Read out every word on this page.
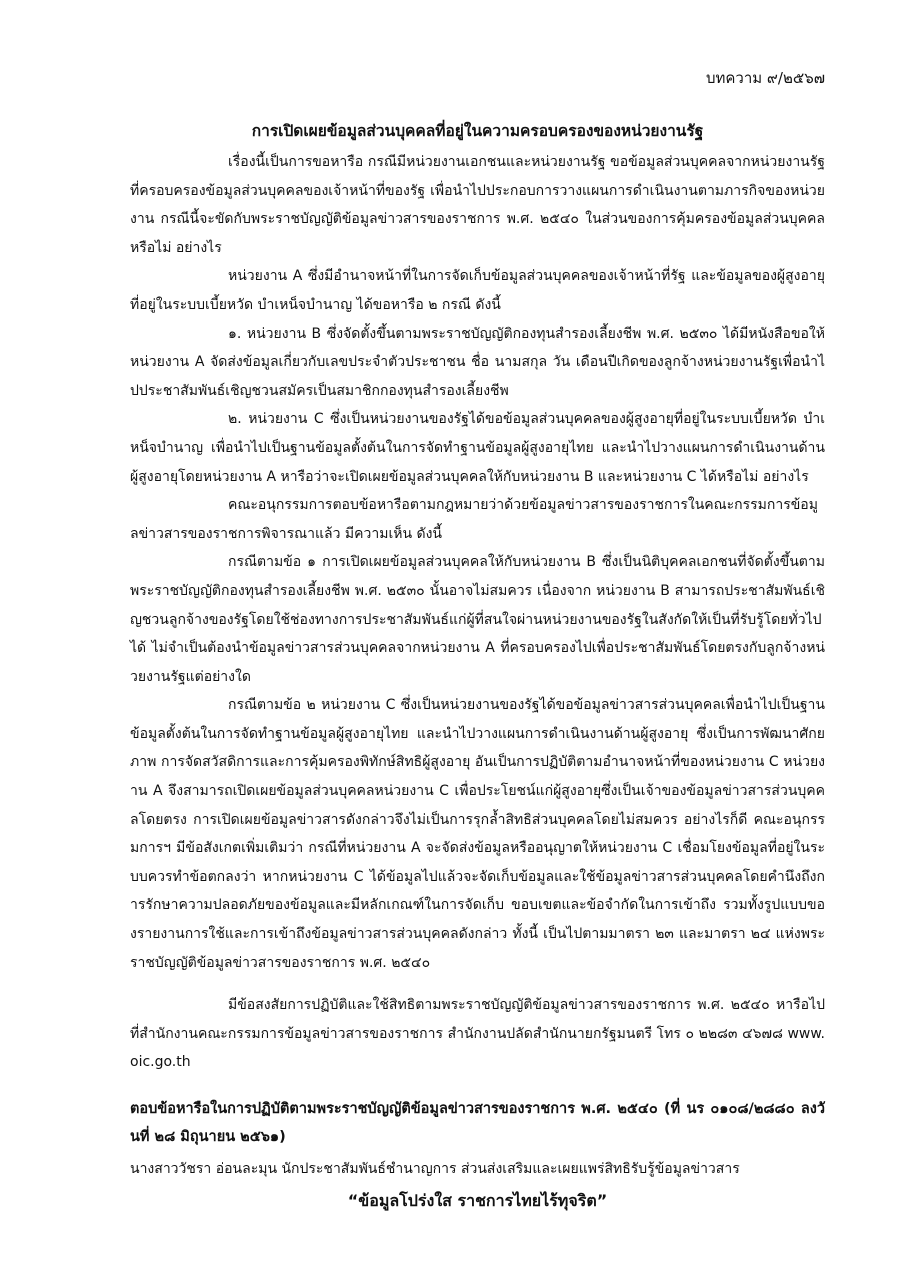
บทความ ๙/๒๕๖๗
การเปิดเผยข้อมูลส่วนบุคคลที่อยู่ในความครอบครองของหน่วยงานรัฐ

เรื่องนี้เป็นการขอหารือ กรณีมีหน่วยงานเอกชนและหน่วยงานรัฐ ขอข้อมูลส่วนบุคคลจากหน่วยงานรัฐที่ครอบครองข้อมูลส่วนบุคคลของเจ้าหน้าที่ของรัฐ เพื่อนำไปประกอบการวางแผนการดำเนินงานตามภารกิจของหน่วยงาน กรณีนี้จะขัดกับพระราชบัญญัติข้อมูลข่าวสารของราชการ พ.ศ. ๒๕๔๐ ในส่วนของการคุ้มครองข้อมูลส่วนบุคคลหรือไม่ อย่างไร

หน่วยงาน A ซึ่งมีอำนาจหน้าที่ในการจัดเก็บข้อมูลส่วนบุคคลของเจ้าหน้าที่รัฐ และข้อมูลของผู้สูงอายุที่อยู่ในระบบเบี้ยหวัด บำเหน็จบำนาญ ได้ขอหารือ ๒ กรณี ดังนี้

๑. หน่วยงาน B ซึ่งจัดตั้งขึ้นตามพระราชบัญญัติกองทุนสำรองเลี้ยงชีพ พ.ศ. ๒๕๓๐ ได้มีหนังสือขอให้หน่วยงาน A จัดส่งข้อมูลเกี่ยวกับเลขประจำตัวประชาชน ชื่อ นามสกุล วัน เดือนปีเกิดของลูกจ้างหน่วยงานรัฐเพื่อนำไปประชาสัมพันธ์เชิญชวนสมัครเป็นสมาชิกกองทุนสำรองเลี้ยงชีพ

๒. หน่วยงาน C ซึ่งเป็นหน่วยงานของรัฐได้ขอข้อมูลส่วนบุคคลของผู้สูงอายุที่อยู่ในระบบเบี้ยหวัด บำเหน็จบำนาญ เพื่อนำไปเป็นฐานข้อมูลตั้งต้นในการจัดทำฐานข้อมูลผู้สูงอายุไทย และนำไปวางแผนการดำเนินงานด้านผู้สูงอายุโดยหน่วยงาน A หารือว่าจะเปิดเผยข้อมูลส่วนบุคคลให้กับหน่วยงาน B และหน่วยงาน C ได้หรือไม่ อย่างไร

คณะอนุกรรมการตอบข้อหารือตามกฎหมายว่าด้วยข้อมูลข่าวสารของราชการในคณะกรรมการข้อมูลข่าวสารของราชการพิจารณาแล้ว มีความเห็น ดังนี้

กรณีตามข้อ ๑ การเปิดเผยข้อมูลส่วนบุคคลให้กับหน่วยงาน B ซึ่งเป็นนิติบุคคลเอกชนที่จัดตั้งขึ้นตามพระราชบัญญัติกองทุนสำรองเลี้ยงชีพ พ.ศ. ๒๕๓๐ นั้นอาจไม่สมควร เนื่องจาก หน่วยงาน B สามารถประชาสัมพันธ์เชิญชวนลูกจ้างของรัฐโดยใช้ช่องทางการประชาสัมพันธ์แก่ผู้ที่สนใจผ่านหน่วยงานของรัฐในสังกัดให้เป็นที่รับรู้โดยทั่วไปได้ ไม่จำเป็นต้องนำข้อมูลข่าวสารส่วนบุคคลจากหน่วยงาน A ที่ครอบครองไปเพื่อประชาสัมพันธ์โดยตรงกับลูกจ้างหน่วยงานรัฐแต่อย่างใด

กรณีตามข้อ ๒ หน่วยงาน C ซึ่งเป็นหน่วยงานของรัฐได้ขอข้อมูลข่าวสารส่วนบุคคลเพื่อนำไปเป็นฐานข้อมูลตั้งต้นในการจัดทำฐานข้อมูลผู้สูงอายุไทย และนำไปวางแผนการดำเนินงานด้านผู้สูงอายุ ซึ่งเป็นการพัฒนาศักยภาพ การจัดสวัสดิการและการคุ้มครองพิทักษ์สิทธิผู้สูงอายุ อันเป็นการปฏิบัติตามอำนาจหน้าที่ของหน่วยงาน C หน่วยงาน A จึงสามารถเปิดเผยข้อมูลส่วนบุคคลหน่วยงาน C เพื่อประโยชน์แก่ผู้สูงอายุซึ่งเป็นเจ้าของข้อมูลข่าวสารส่วนบุคคลโดยตรง การเปิดเผยข้อมูลข่าวสารดังกล่าวจึงไม่เป็นการรุกล้ำสิทธิส่วนบุคคลโดยไม่สมควร อย่างไรก็ดี คณะอนุกรรมการฯ มีข้อสังเกตเพิ่มเติมว่า กรณีที่หน่วยงาน A จะจัดส่งข้อมูลหรืออนุญาตให้หน่วยงาน C เชื่อมโยงข้อมูลที่อยู่ในระบบควรทำข้อตกลงว่า หากหน่วยงาน C ได้ข้อมูลไปแล้วจะจัดเก็บข้อมูลและใช้ข้อมูลข่าวสารส่วนบุคคลโดยคำนึงถึงการรักษาความปลอดภัยของข้อมูลและมีหลักเกณฑ์ในการจัดเก็บ ขอบเขตและข้อจำกัดในการเข้าถึง รวมทั้งรูปแบบของรายงานการใช้และการเข้าถึงข้อมูลข่าวสารส่วนบุคคลดังกล่าว ทั้งนี้ เป็นไปตามมาตรา ๒๓ และมาตรา ๒๔ แห่งพระราชบัญญัติข้อมูลข่าวสารของราชการ พ.ศ. ๒๕๔๐

มีข้อสงสัยการปฏิบัติและใช้สิทธิตามพระราชบัญญัติข้อมูลข่าวสารของราชการ พ.ศ. ๒๕๔๐ หารือไปที่สำนักงานคณะกรรมการข้อมูลข่าวสารของราชการ สำนักงานปลัดสำนักนายกรัฐมนตรี โทร ๐ ๒๒๘๓ ๔๖๗๘ www.oic.go.th

ตอบข้อหารือในการปฏิบัติตามพระราชบัญญัติข้อมูลข่าวสารของราชการ พ.ศ. ๒๕๔๐ (ที่ นร ๐๑๐๘/๒๘๘๐ ลงวันที่ ๒๘ มิถุนายน ๒๕๖๑)
นางสาววัชรา อ่อนละมุน นักประชาสัมพันธ์ชำนาญการ ส่วนส่งเสริมและเผยแพร่สิทธิรับรู้ข้อมูลข่าวสาร
“ข้อมูลโปร่งใส ราชการไทยไร้ทุจริต”
